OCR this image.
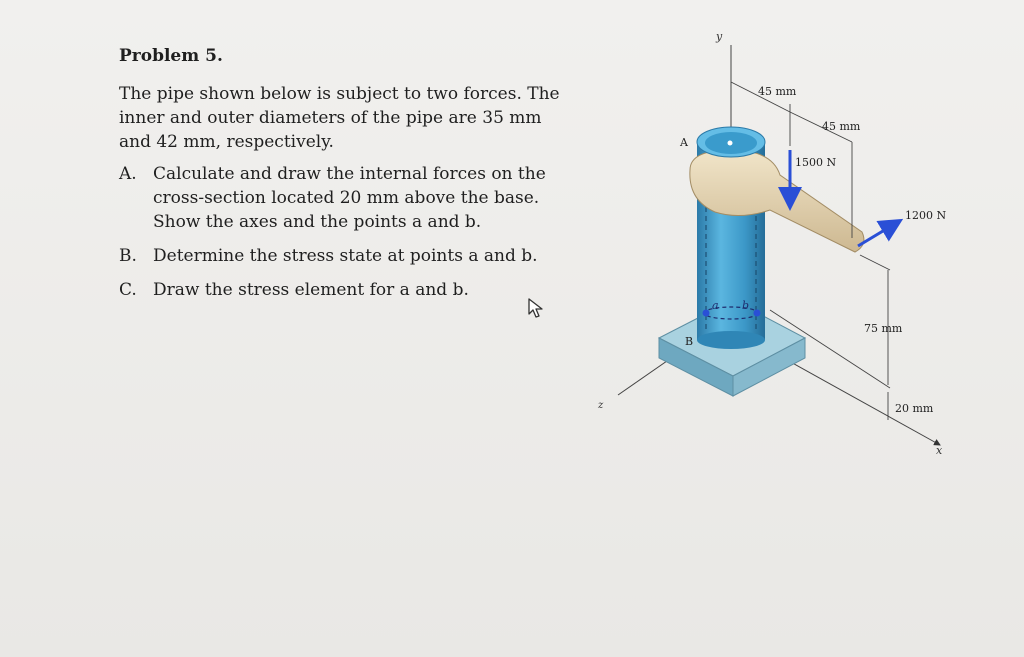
Problem 5.

The pipe shown below is subject to two forces. The inner and outer diameters of the pipe are 35 mm and 42 mm, respectively.

A. Calculate and draw the internal forces on the cross-section located 20 mm above the base. Show the axes and the points a and b.
B. Determine the stress state at points a and b.
C. Draw the stress element for a and b.
y
x
z
A
B
a b
45 mm
45 mm
1500 N
1200 N
75 mm
20 mm
